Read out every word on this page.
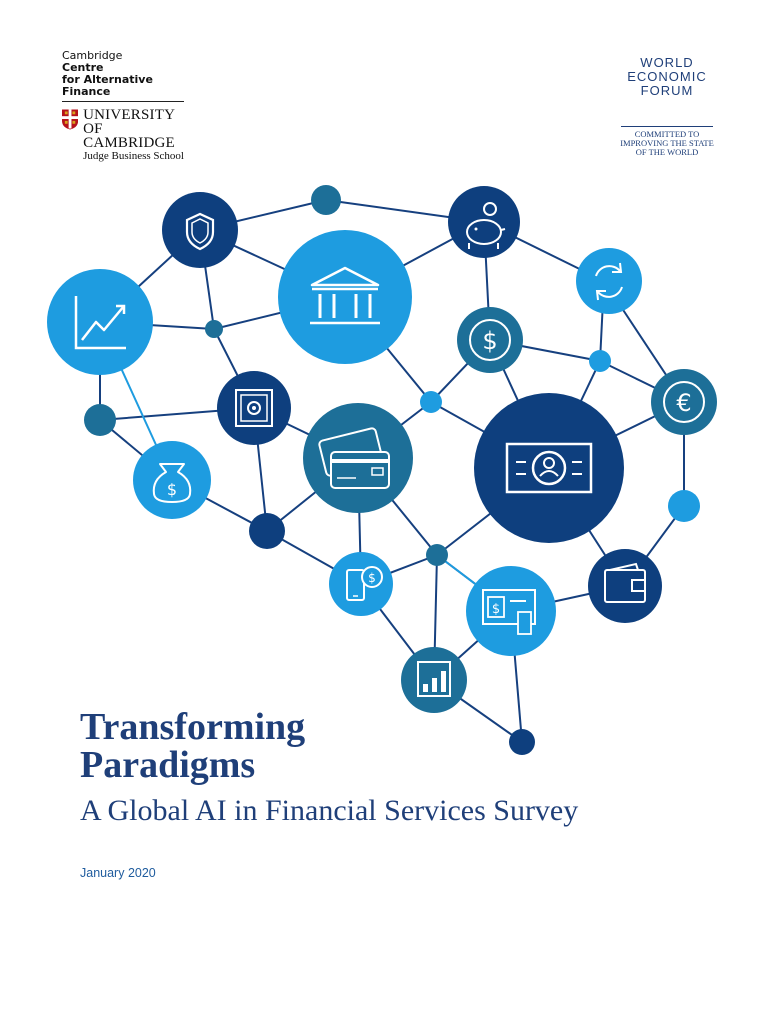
Cambridge
Centre
for Alternative
Finance
UNIVERSITY OF
CAMBRIDGE
Judge Business School
WORLD
ECONOMIC
FORUM
COMMITTED TO
IMPROVING THE STATE
OF THE WORLD
$
€
$
$
$
Transforming
Paradigms
A Global AI in Financial Services Survey
January 2020
